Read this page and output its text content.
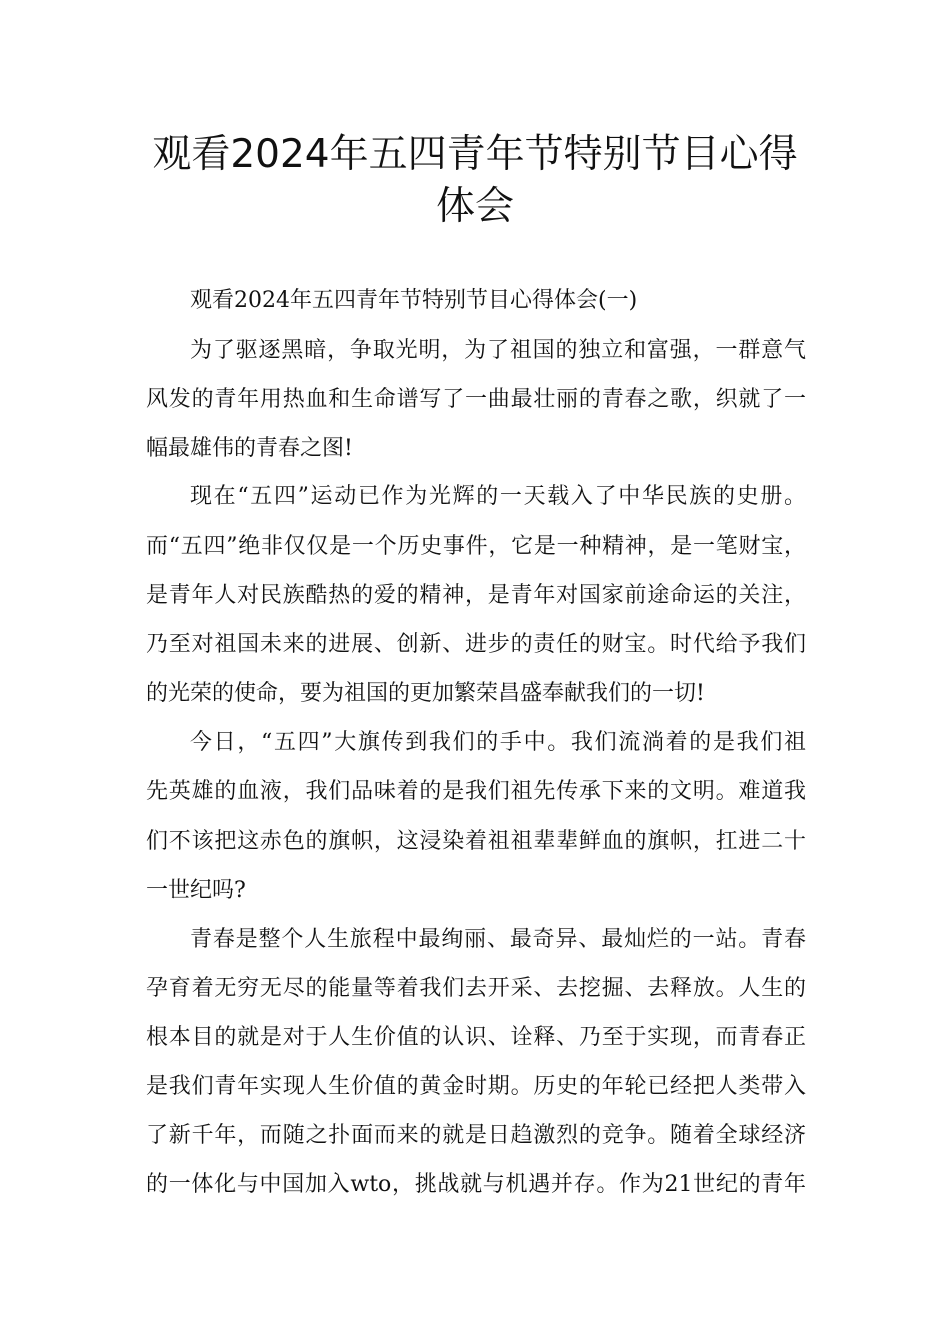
观看2024年五四青年节特别节目心得
体会
观看2024年五四青年节特别节目心得体会(一)
为了驱逐黑暗，争取光明，为了祖国的独立和富强，一群意气
风发的青年用热血和生命谱写了一曲最壮丽的青春之歌，织就了一
幅最雄伟的青春之图!
现在“五四”运动已作为光辉的一天载入了中华民族的史册。
而“五四”绝非仅仅是一个历史事件，它是一种精神，是一笔财宝，
是青年人对民族酷热的爱的精神，是青年对国家前途命运的关注，
乃至对祖国未来的进展、创新、进步的责任的财宝。时代给予我们
的光荣的使命，要为祖国的更加繁荣昌盛奉献我们的一切!
今日，“五四”大旗传到我们的手中。我们流淌着的是我们祖
先英雄的血液，我们品味着的是我们祖先传承下来的文明。难道我
们不该把这赤色的旗帜，这浸染着祖祖辈辈鲜血的旗帜，扛进二十
一世纪吗?
青春是整个人生旅程中最绚丽、最奇异、最灿烂的一站。青春
孕育着无穷无尽的能量等着我们去开采、去挖掘、去释放。人生的
根本目的就是对于人生价值的认识、诠释、乃至于实现，而青春正
是我们青年实现人生价值的黄金时期。历史的年轮已经把人类带入
了新千年，而随之扑面而来的就是日趋激烈的竞争。随着全球经济
的一体化与中国加入wto，挑战就与机遇并存。作为21世纪的青年
